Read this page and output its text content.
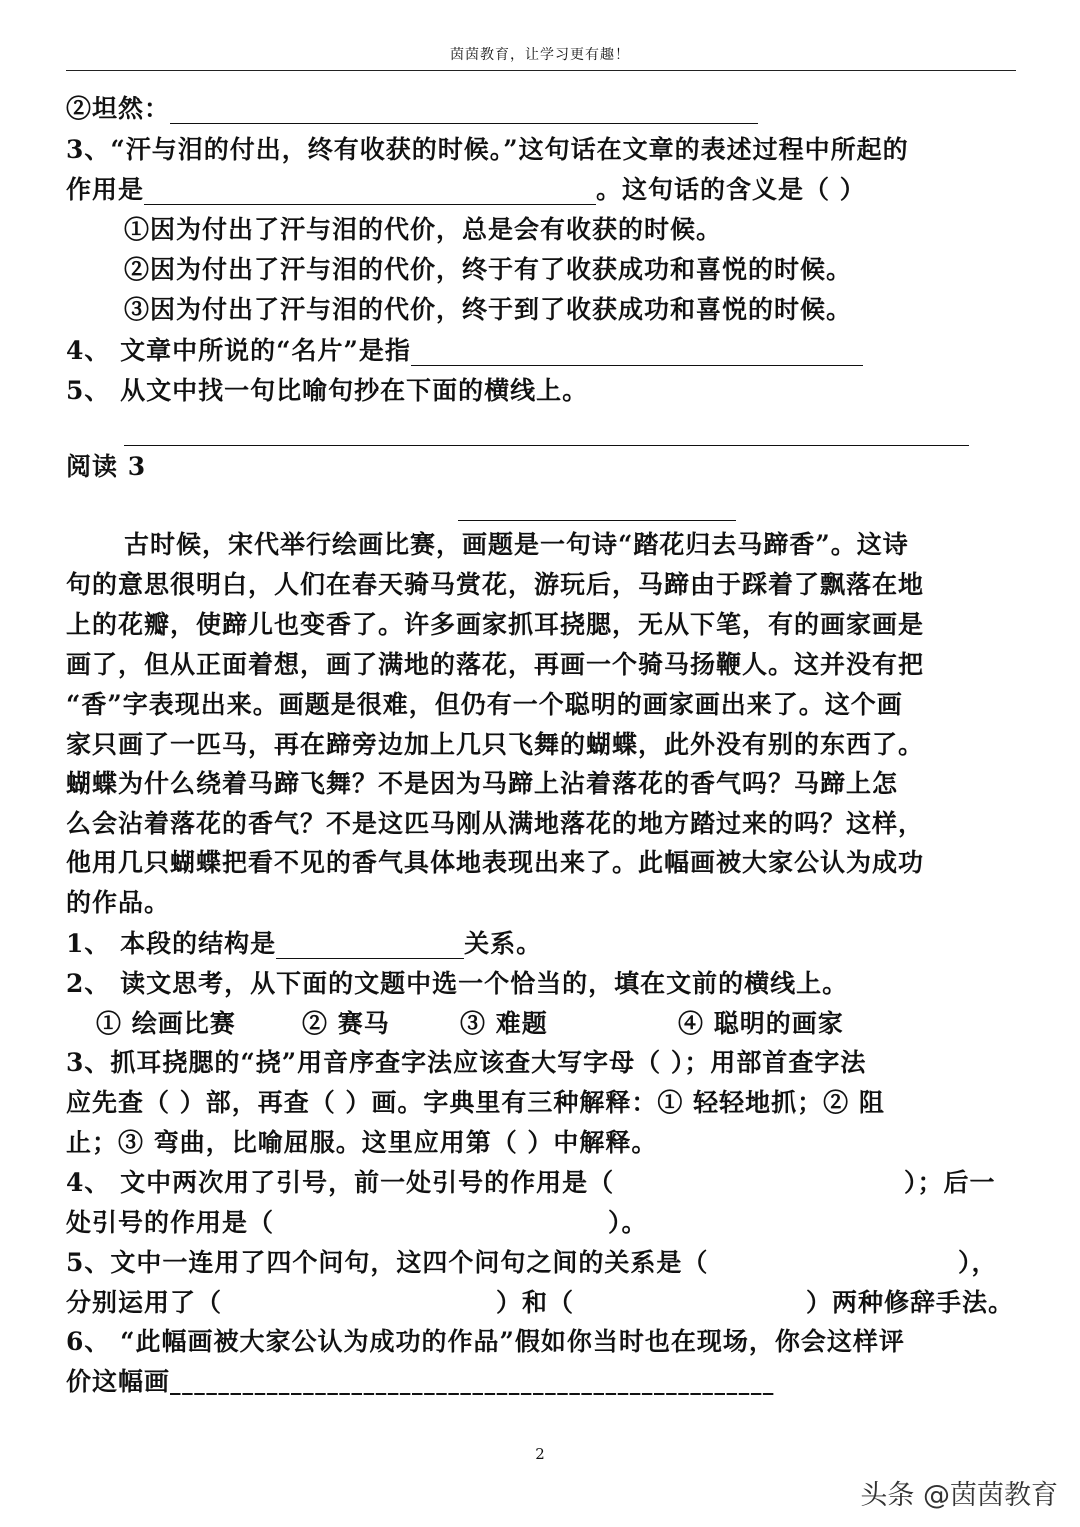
茵茵教育，让学习更有趣！
②坦然：
3、“汗与泪的付出，终有收获的时候。”这句话在文章的表述过程中所起的
作用是	。这句话的含义是（ ）
①因为付出了汗与泪的代价，总是会有收获的时候。
②因为付出了汗与泪的代价，终于有了收获成功和喜悦的时候。
③因为付出了汗与泪的代价，终于到了收获成功和喜悦的时候。
4、 文章中所说的“名片”是指
5、 从文中找一句比喻句抄在下面的横线上。
阅读 3
古时候，宋代举行绘画比赛，画题是一句诗“踏花归去马蹄香”。这诗
句的意思很明白，人们在春天骑马赏花，游玩后，马蹄由于踩着了飘落在地
上的花瓣，使蹄儿也变香了。许多画家抓耳挠腮，无从下笔，有的画家画是
画了，但从正面着想，画了满地的落花，再画一个骑马扬鞭人。这并没有把
“香”字表现出来。画题是很难，但仍有一个聪明的画家画出来了。这个画
家只画了一匹马，再在蹄旁边加上几只飞舞的蝴蝶，此外没有别的东西了。
蝴蝶为什么绕着马蹄飞舞？不是因为马蹄上沾着落花的香气吗？马蹄上怎
么会沾着落花的香气？不是这匹马刚从满地落花的地方踏过来的吗？这样，
他用几只蝴蝶把看不见的香气具体地表现出来了。此幅画被大家公认为成功
的作品。
1、 本段的结构是	关系。
2、 读文思考，从下面的文题中选一个恰当的，填在文前的横线上。
① 绘画比赛	② 赛马	③ 难题	④ 聪明的画家
3、抓耳挠腮的“挠”用音序查字法应该查大写字母（ ）；用部首查字法
应先查（ ）部，再查（ ）画。字典里有三种解释：① 轻轻地抓；② 阻
止；③ 弯曲，比喻屈服。这里应用第（ ）中解释。
4、 文中两次用了引号，前一处引号的作用是（	）；后一
处引号的作用是（	）。
5、文中一连用了四个问句，这四个问句之间的关系是（	），
分别运用了（	）和（	）两种修辞手法。
6、 “此幅画被大家公认为成功的作品”假如你当时也在现场，你会这样评
价这幅画__________________________________________________
2
头条 @茵茵教育
